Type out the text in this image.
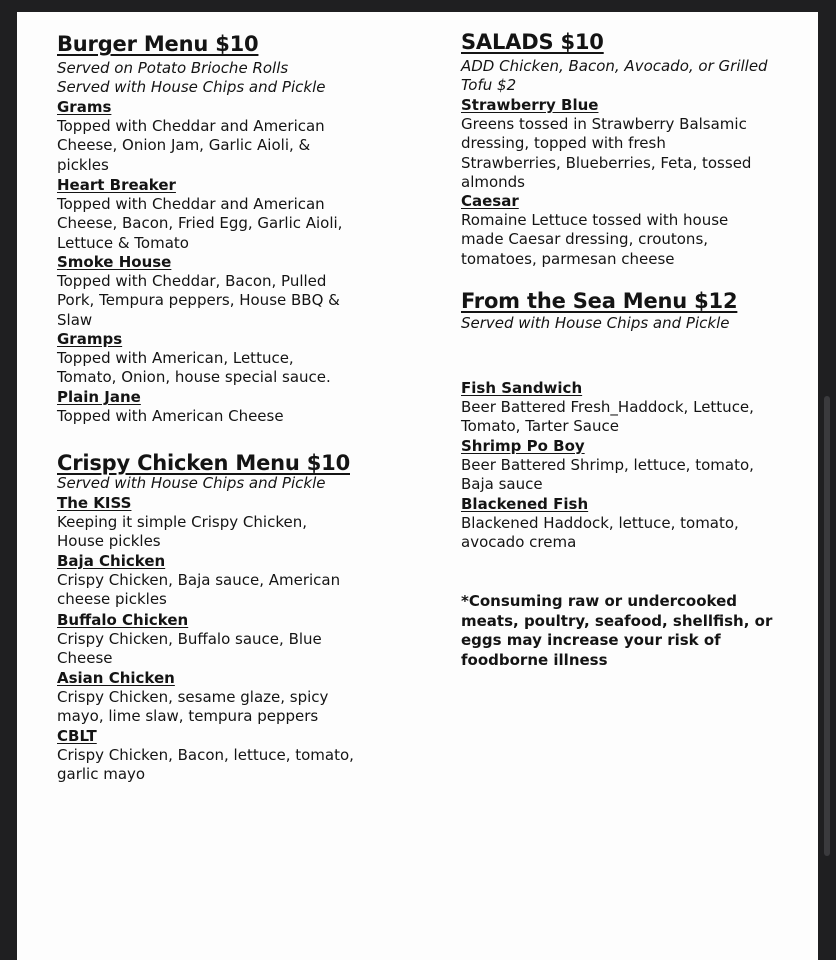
Burger Menu $10
Served on Potato Brioche Rolls
Served with House Chips and Pickle
Grams
Topped with Cheddar and American
Cheese, Onion Jam, Garlic Aioli, &
pickles
Heart Breaker
Topped with Cheddar and American
Cheese, Bacon, Fried Egg, Garlic Aioli,
Lettuce & Tomato
Smoke House
Topped with Cheddar, Bacon, Pulled
Pork, Tempura peppers, House BBQ &
Slaw
Gramps
Topped with American, Lettuce,
Tomato, Onion, house special sauce.
Plain Jane
Topped with American Cheese
Crispy Chicken Menu $10
Served with House Chips and Pickle
The KISS
Keeping it simple Crispy Chicken,
House pickles
Baja Chicken
Crispy Chicken, Baja sauce, American
cheese pickles
Buffalo Chicken
Crispy Chicken, Buffalo sauce, Blue
Cheese
Asian Chicken
Crispy Chicken, sesame glaze, spicy
mayo, lime slaw, tempura peppers
CBLT
Crispy Chicken, Bacon, lettuce, tomato,
garlic mayo
SALADS $10
ADD Chicken, Bacon, Avocado, or Grilled
Tofu $2
Strawberry Blue
Greens tossed in Strawberry Balsamic
dressing, topped with fresh
Strawberries, Blueberries, Feta, tossed
almonds
Caesar
Romaine Lettuce tossed with house
made Caesar dressing, croutons,
tomatoes, parmesan cheese
From the Sea Menu $12
Served with House Chips and Pickle
Fish Sandwich
Beer Battered Fresh_Haddock, Lettuce,
Tomato, Tarter Sauce
Shrimp Po Boy
Beer Battered Shrimp, lettuce, tomato,
Baja sauce
Blackened Fish
Blackened Haddock, lettuce, tomato,
avocado crema
*Consuming raw or undercooked
meats, poultry, seafood, shellfish, or
eggs may increase your risk of
foodborne illness
